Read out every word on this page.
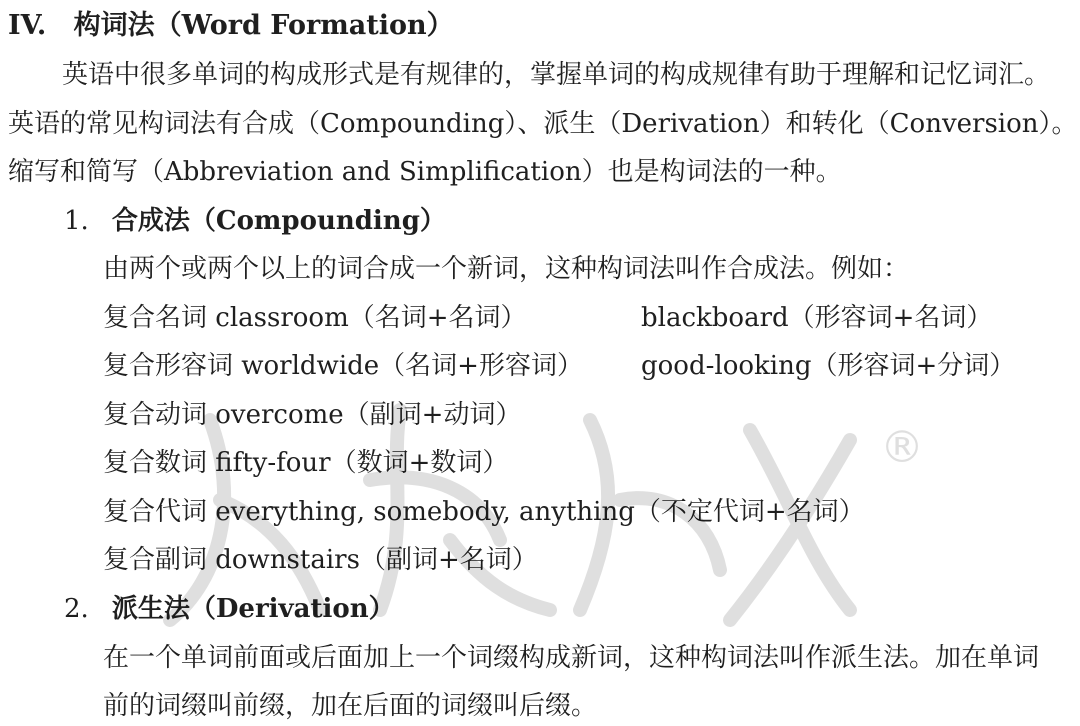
IV. 构词法（Word Formation）
英语中很多单词的构成形式是有规律的，掌握单词的构成规律有助于理解和记忆词汇。
英语的常见构词法有合成（Compounding）、派生（Derivation）和转化（Conversion）。
缩写和简写（Abbreviation and Simplification）也是构词法的一种。
1. 合成法（Compounding）
由两个或两个以上的词合成一个新词，这种构词法叫作合成法。例如：
复合名词 classroom（名词+名词）	blackboard（形容词+名词）
复合形容词 worldwide（名词+形容词） good-looking（形容词+分词）
复合动词 overcome（副词+动词）
复合数词 fifty-four（数词+数词）
复合代词 everything, somebody, anything（不定代词+名词）
复合副词 downstairs（副词+名词）
2. 派生法（Derivation）
在一个单词前面或后面加上一个词缀构成新词，这种构词法叫作派生法。加在单词
前的词缀叫前缀，加在后面的词缀叫后缀。
®
